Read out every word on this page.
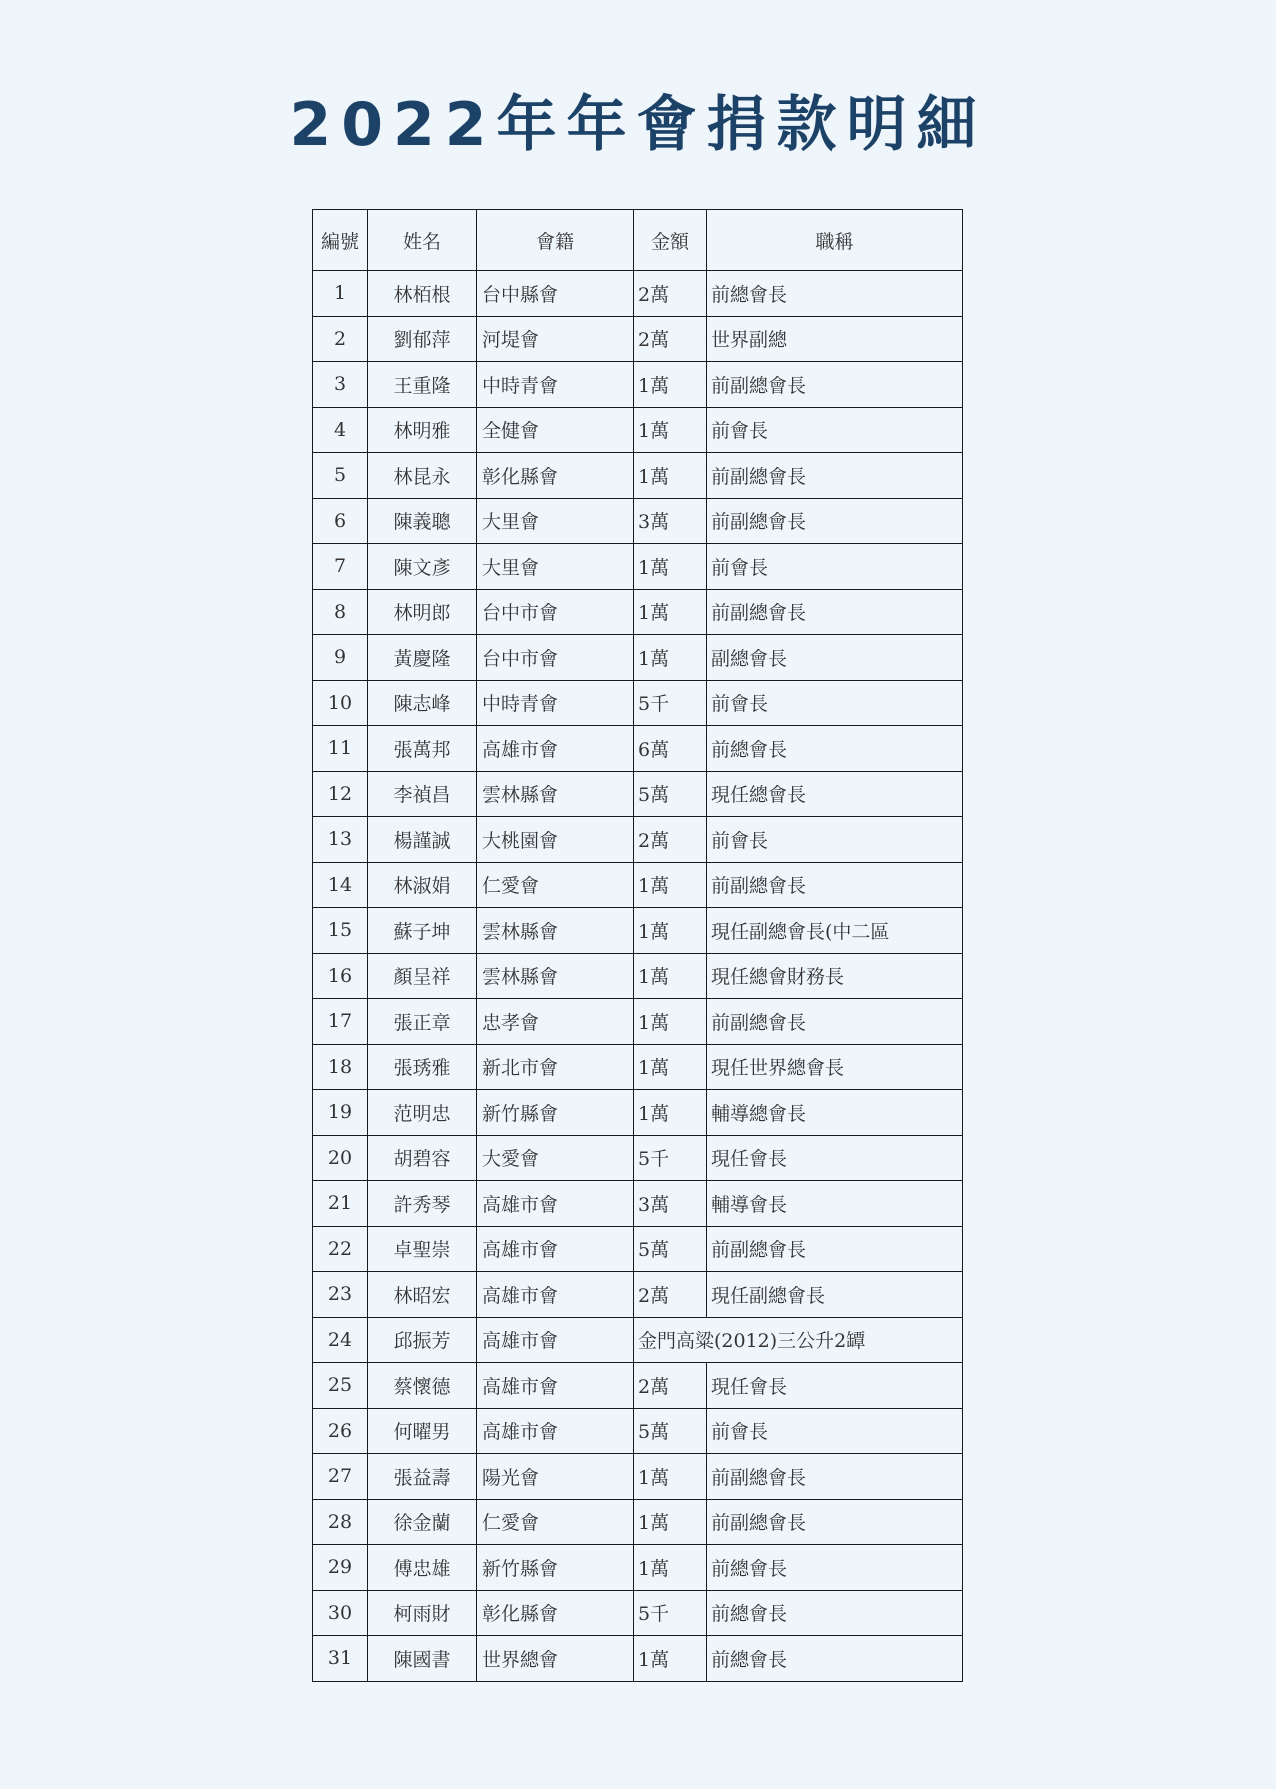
2022年年會捐款明細
編號	姓名	會籍	金額	職稱
1	林栢根	台中縣會	2萬	前總會長
2	劉郁萍	河堤會	2萬	世界副總
3	王重隆	中時青會	1萬	前副總會長
4	林明雅	全健會	1萬	前會長
5	林昆永	彰化縣會	1萬	前副總會長
6	陳義聰	大里會	3萬	前副總會長
7	陳文彥	大里會	1萬	前會長
8	林明郎	台中市會	1萬	前副總會長
9	黃慶隆	台中市會	1萬	副總會長
10	陳志峰	中時青會	5千	前會長
11	張萬邦	高雄市會	6萬	前總會長
12	李禎昌	雲林縣會	5萬	現任總會長
13	楊謹誠	大桃園會	2萬	前會長
14	林淑娟	仁愛會	1萬	前副總會長
15	蘇子坤	雲林縣會	1萬	現任副總會長(中二區
16	顏呈祥	雲林縣會	1萬	現任總會財務長
17	張正章	忠孝會	1萬	前副總會長
18	張琇雅	新北市會	1萬	現任世界總會長
19	范明忠	新竹縣會	1萬	輔導總會長
20	胡碧容	大愛會	5千	現任會長
21	許秀琴	高雄市會	3萬	輔導會長
22	卓聖崇	高雄市會	5萬	前副總會長
23	林昭宏	高雄市會	2萬	現任副總會長
24	邱振芳	高雄市會	金門高粱(2012)三公升2罈	
25	蔡懷德	高雄市會	2萬	現任會長
26	何曜男	高雄市會	5萬	前會長
27	張益壽	陽光會	1萬	前副總會長
28	徐金蘭	仁愛會	1萬	前副總會長
29	傅忠雄	新竹縣會	1萬	前總會長
30	柯雨財	彰化縣會	5千	前總會長
31	陳國書	世界總會	1萬	前總會長
